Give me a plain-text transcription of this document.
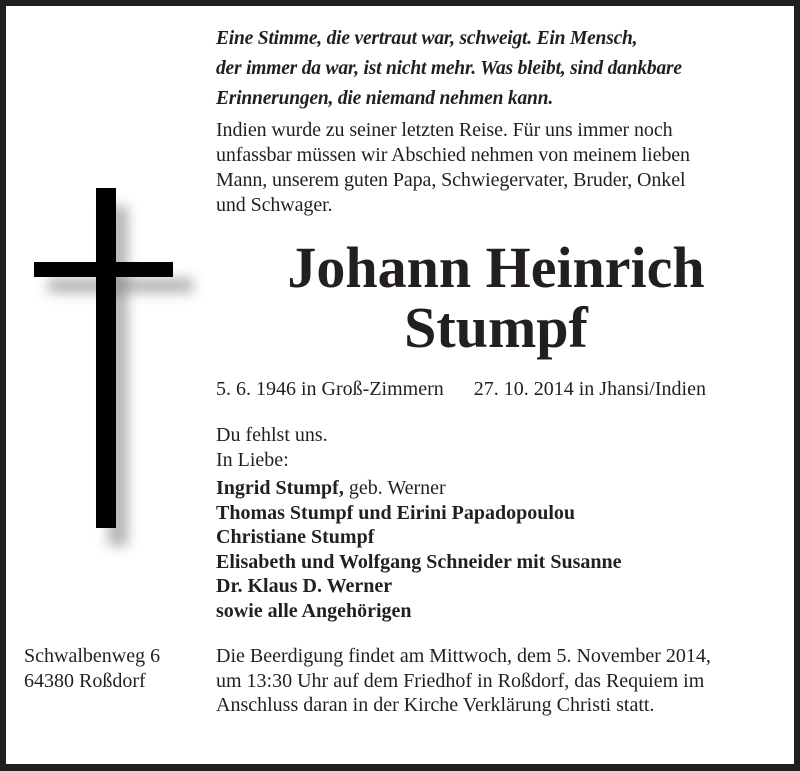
Eine Stimme, die vertraut war, schweigt. Ein Mensch,
der immer da war, ist nicht mehr. Was bleibt, sind dankbare
Erinnerungen, die niemand nehmen kann.
Indien wurde zu seiner letzten Reise. Für uns immer noch
unfassbar müssen wir Abschied nehmen von meinem lieben
Mann, unserem guten Papa, Schwiegervater, Bruder, Onkel
und Schwager.
Johann Heinrich
Stumpf
5. 6. 1946 in Groß-Zimmern 27. 10. 2014 in Jhansi/Indien
Du fehlst uns.
In Liebe:
Ingrid Stumpf, geb. Werner
Thomas Stumpf und Eirini Papadopoulou
Christiane Stumpf
Elisabeth und Wolfgang Schneider mit Susanne
Dr. Klaus D. Werner
sowie alle Angehörigen
Schwalbenweg 6
64380 Roßdorf
Die Beerdigung findet am Mittwoch, dem 5. November 2014,
um 13:30 Uhr auf dem Friedhof in Roßdorf, das Requiem im
Anschluss daran in der Kirche Verklärung Christi statt.
